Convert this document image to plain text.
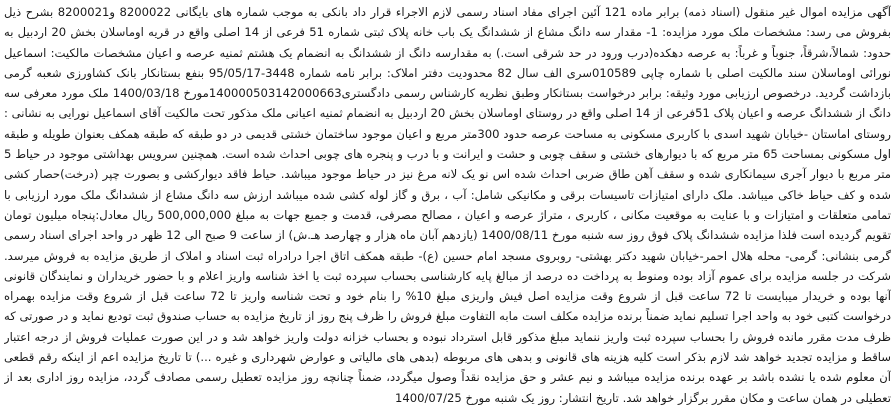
آگهی مزایده اموال غیر منقول (اسناد ذمه) برابر ماده 121 آئین اجرای مفاد اسناد رسمی لازم الاجراء قرار داد بانکی به موجب شماره های بایگانی 8200022 و8200021 بشرح ذیل بفروش می رسد: مشخصات ملک مورد مزایده: 1- مقدار سه دانگ مشاع از ششدانگ یک باب خانه پلاک ثبتی شماره 51 فرعی از 14 اصلی واقع در قریه اوماسلان بخش 20 اردبیل به حدود: شمالاً،شرقاً، جنوباً و غرباً: به عرصه دهکده(درب ورود در حد شرقی است.) به مقدارسه دانگ از ششدانگ به انضمام یک هشتم ثمنیه عرصه و اعیان مشخصات مالکیت: اسماعیل نورائی اوماسلان سند مالکیت اصلی با شماره چاپی 010589سری الف سال 82 محدودیت دفتر املاک: برابر نامه شماره 3448-95/05/17 بنفع بستانکار بانک کشاورزی شعبه گرمی بازداشت گردید. درخصوص ارزیابی مورد وثیقه: برابر درخواست بستانکار وطبق نظریه کارشناس رسمی دادگستری140000503142000663مورخ 1400/03/18 ملک مورد معرفی سه دانگ از ششدانگ عرصه و اعیان پلاک 51فرعی از 14 اصلی واقع در روستای اوماسلان بخش 20 اردبیل به انضمام ثمنیه اعیانی ملک مذکور تحت مالکیت آقای اسماعیل نورایی به نشانی : روستای اماستان -خیابان شهید اسدی با کاربری مسکونی به مساحت عرصه حدود 300متر مربع و اعیان موجود ساختمان خشتی قدیمی در دو طبقه که طبقه همکف بعنوان طویله و طبقه اول مسکونی بمساحت 65 متر مربع که با دیوارهای خشتی و سقف چوبی و حشت و ایرانت و با درب و پنجره های چوبی احداث شده است. همچنین سرویس بهداشتی موجود در حیاط 5 متر مربع با دیوار آجری سیمانکاری شده و سقف آهن طاق ضربی احداث شده اس نو یک لانه مرغ نیز در حیاط موجود میباشد. حیاط فاقد دیوارکشی و بصورت چپر (درخت)حصار کشی شده و کف حیاط خاکی میباشد. ملک دارای امتیازات تاسیسات برقی و مکانیکی شامل: آب ، برق و گاز لوله کشی شده میباشد ارزش سه دانگ مشاع از ششدانگ ملک مورد ارزیابی با تمامی متعلقات و امتیازات و با عنایت به موقعیت مکانی ، کاربری ، متراژ عرصه و اعیان ، مصالح مصرفی، قدمت و جمیع جهات به مبلغ 500,000,000 ریال معادل:پنجاه میلیون تومان تقویم گردیده است فلذا مزایده ششدانگ پلاک فوق روز سه شنبه مورخ 1400/08/11 (یازدهم آبان ماه هزار و چهارصد هـ.ش) از ساعت 9 صبح الی 12 ظهر در واحد اجرای اسناد رسمی گرمی بنشانی: گرمی- محله هلال احمر-خیابان شهید دکتر بهشتی- روبروی مسجد امام حسین (ع)- طبقه همکف اتاق اجرا درادراه ثبت اسناد و املاک از طریق مزایده به فروش میرسد. شرکت در جلسه مزایده برای عموم آزاد بوده ومنوط به پرداخت ده درصد از مبالغ پایه کارشناسی بحساب سپرده ثبت یا اخذ شناسه واریز اعلام و با حضور خریداران و نمایندگان قانونی آنها بوده و خریدار میبایست تا 72 ساعت قبل از شروع وقت مزایده اصل فیش واریزی مبلغ 10% را بنام خود و تحت شناسه واریز تا 72 ساعت قبل از شروع وقت مزایده بهمراه درخواست کتبی خود به واحد اجرا تسلیم نماید ضمناً برنده مزایده مکلف است مابه التفاوت مبلغ فروش را ظرف پنج روز از تاریخ مزایده به حساب صندوق ثبت تودیع نماید و در صورتی که ظرف مدت مقرر مانده فروش را بحساب سپرده ثبت واریز ننماید مبلغ مذکور قابل استرداد نبوده و بحساب خزانه دولت واریز خواهد شد و در این صورت عملیات فروش از درجه اعتبار ساقط و مزایده تجدید خواهد شد لازم بذکر است کلیه هزینه های قانونی و بدهی های مربوطه (بدهی های مالیاتی و عوارض شهرداری و غیره ...) تا تاریخ مزایده اعم از اینکه رقم قطعی آن معلوم شده یا نشده باشد بر عهده برنده مزایده میباشد و نیم عشر و حق مزایده نقداً وصول میگردد، ضمناً چنانچه روز مزایده تعطیل رسمی مصادف گردد، مزایده روز اداری بعد از تعطیلی در همان ساعت و مکان مقرر برگزار خواهد شد. تاریخ انتشار: روز یک شنبه مورخ 1400/07/25
